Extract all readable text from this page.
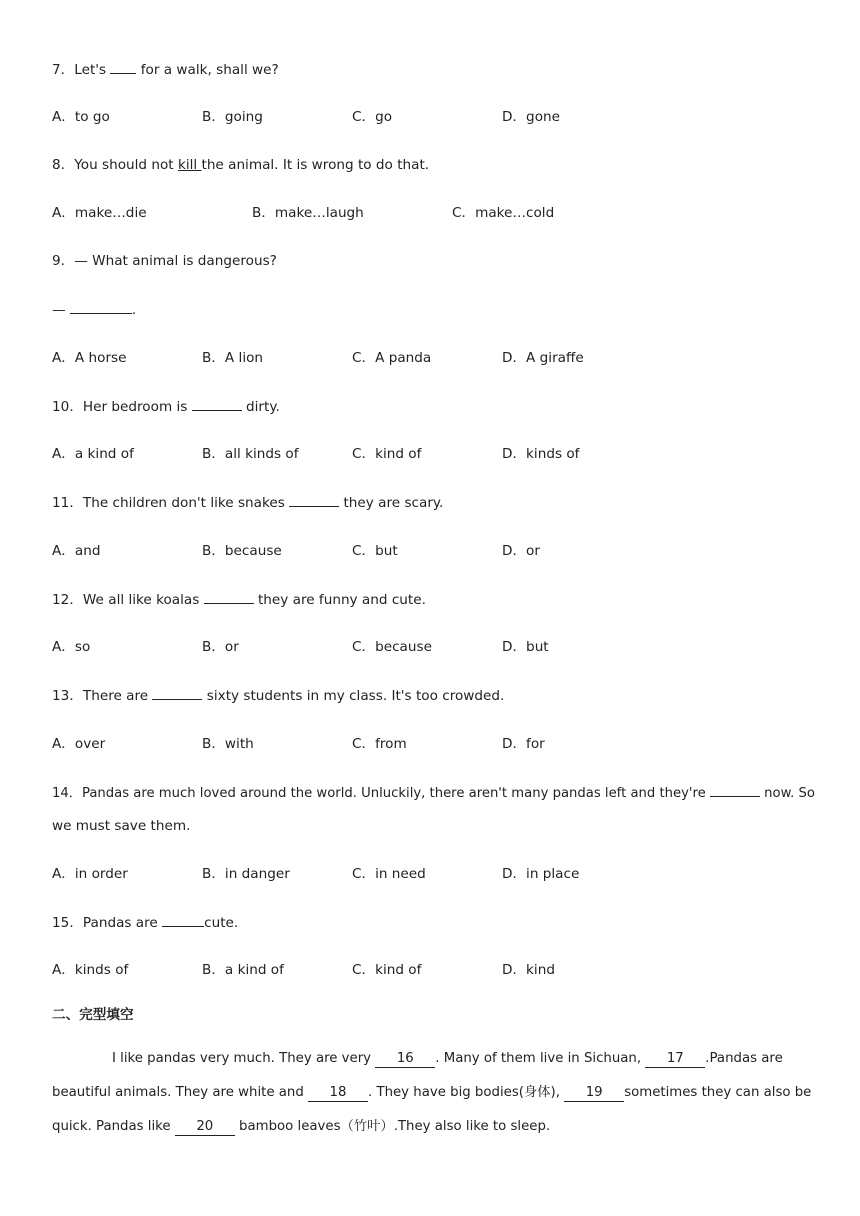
7．Let's  for a walk, shall we?
A．to go	B．going	C．go	D．gone
8．You should not kill the animal. It is wrong to do that.
A．make…die	B．make…laugh	C．make…cold
9．— What animal is dangerous?
—	.
A．A horse	B．A lion	C．A panda	D．A giraffe
10．Her bedroom is	dirty.
A．a kind of	B．all kinds of	C．kind of	D．kinds of
11．The children don't like snakes	they are scary.
A．and	B．because	C．but	D．or
12．We all like koalas	they are funny and cute.
A．so	B．or	C．because	D．but
13．There are	sixty students in my class. It's too crowded.
A．over	B．with	C．from	D．for
14．Pandas are much loved around the world. Unluckily, there aren't many pandas left and they're	now. So
we must save them.
A．in order	B．in danger	C．in need	D．in place
15．Pandas are	cute.
A．kinds of	B．a kind of	C．kind of	D．kind
二、完型填空
I like pandas very much. They are very 16 . Many of them live in Sichuan, 17 .Pandas are
beautiful animals. They are white and 18 . They have big bodies(身体), 19 sometimes they can also be
quick. Pandas like 20 bamboo leaves（竹叶）.They also like to sleep.
